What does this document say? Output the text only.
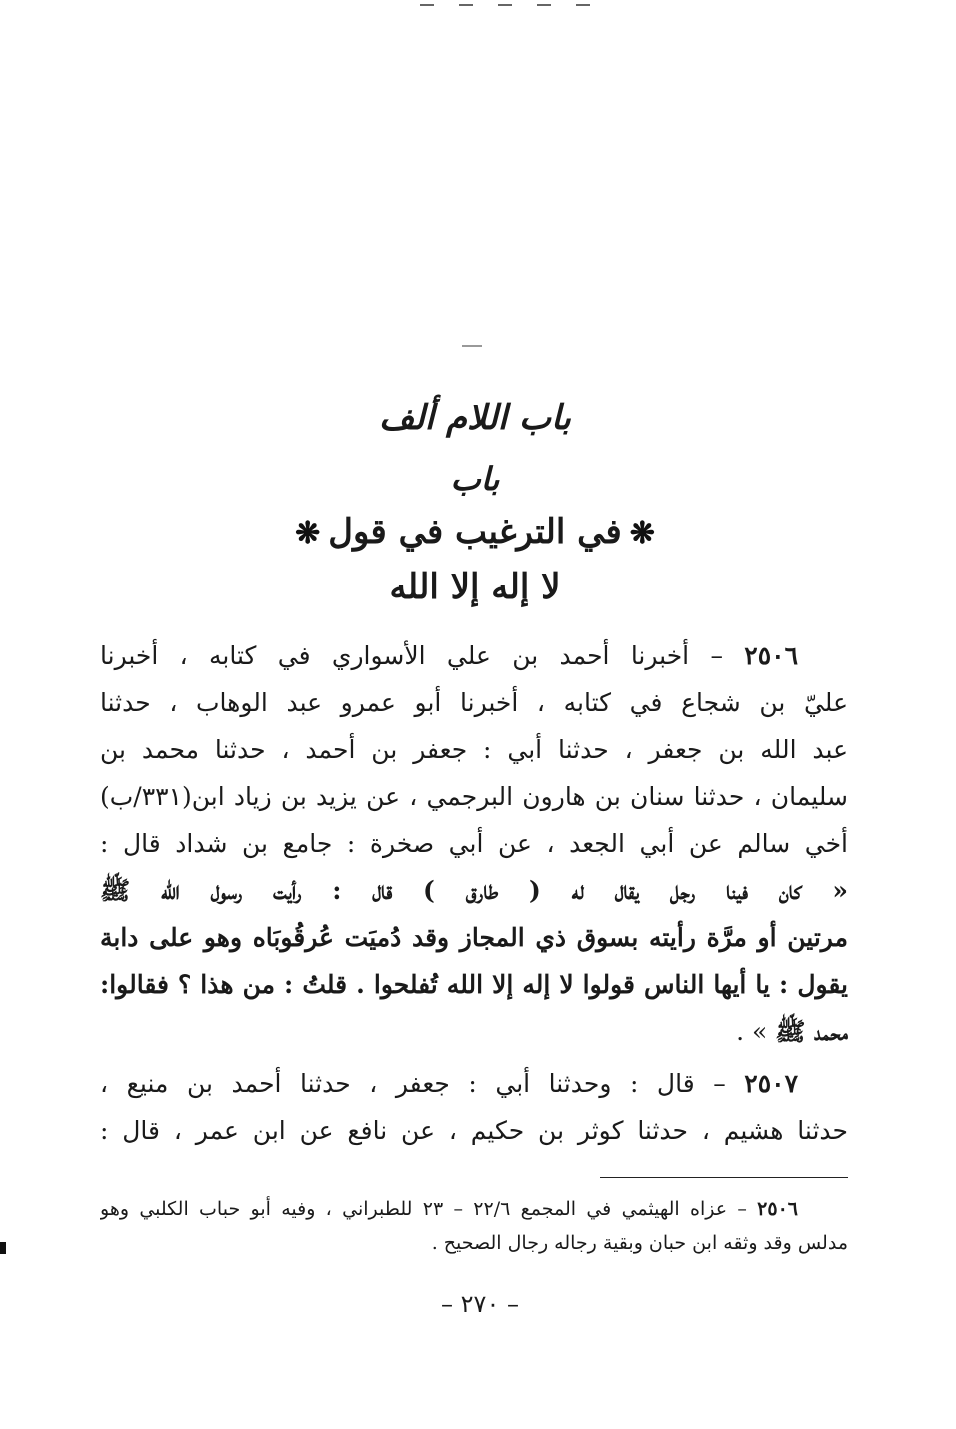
باب اللام ألف
باب
❋في الترغيب في قول❋
لا إله إلا الله
٢٥٠٦ – أخبرنا أحمد بن علي الأسواري في كتابه ، أخبرنا
عليّ بن شجاع في كتابه ، أخبرنا أبو عمرو عبد الوهاب ، حدثنا
عبد الله بن جعفر ، حدثنا أبي : جعفر بن أحمد ، حدثنا محمد بن
سليمان ، حدثنا سنان بن هارون البرجمي ، عن يزيد بن زياد ابن(٣٣١/ب)
أخي سالم عن أبي الجعد ، عن أبي صخرة : جامع بن شداد قال :
« كان فينا رجل يقال له ( طارق ) قال : رأيت رسول الله ﷺ
مرتين أو مرَّة رأيته بسوق ذي المجاز وقد دُميَت عُرقُوبَاه وهو على دابة
يقول : يا أيها الناس قولوا لا إله إلا الله تُفلحوا . قلتُ : من هذا ؟ فقالوا:
محمد ﷺ » .
٢٥٠٧ – قال : وحدثنا أبي : جعفر ، حدثنا أحمد بن منيع ،
حدثنا هشيم ، حدثنا كوثر بن حكيم ، عن نافع عن ابن عمر ، قال :
٢٥٠٦ – عزاه الهيثمي في المجمع ٢٢/٦ – ٢٣ للطبراني ، وفيه أبو حباب الكلبي وهو
مدلس وقد وثقه ابن حبان وبقية رجاله رجال الصحيح .
– ٢٧٠ –
